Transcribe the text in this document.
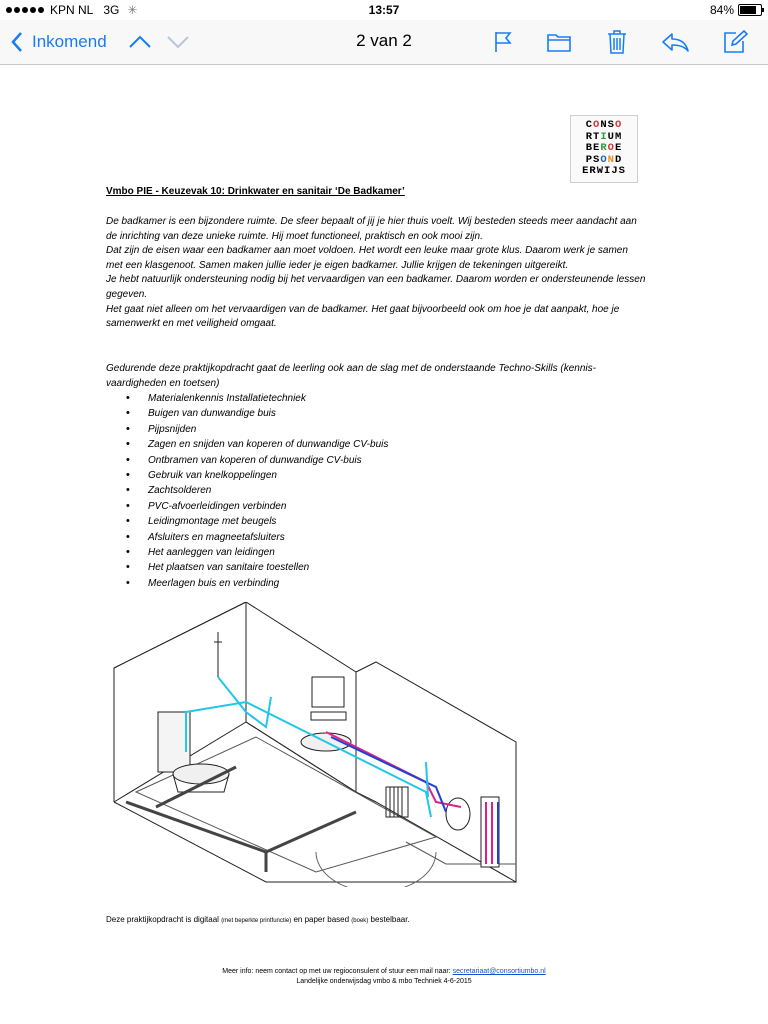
KPN NL 3G ✳	13:57	84%
Inkomend	2 van 2
CONSO
RTIUM
BEROE
PSOND
ERWIJS
Vmbo PIE - Keuzevak 10: Drinkwater en sanitair ‘De Badkamer’

De badkamer is een bijzondere ruimte. De sfeer bepaalt of jij je hier thuis voelt. Wij besteden steeds meer aandacht aan de inrichting van deze unieke ruimte. Hij moet functioneel, praktisch en ook mooi zijn.

Dat zijn de eisen waar een badkamer aan moet voldoen. Het wordt een leuke maar grote klus. Daarom werk je samen met een klasgenoot. Samen maken jullie ieder je eigen badkamer. Jullie krijgen de tekeningen uitgereikt.

Je hebt natuurlijk ondersteuning nodig bij het vervaardigen van een badkamer. Daarom worden er ondersteunende lessen gegeven.

Het gaat niet alleen om het vervaardigen van de badkamer. Het gaat bijvoorbeeld ook om hoe je dat aanpakt, hoe je samenwerkt en met veiligheid omgaat.

Gedurende deze praktijkopdracht gaat de leerling ook aan de slag met de onderstaande Techno-Skills (kennis- vaardigheden en toetsen)
• Materialenkennis Installatietechniek
• Buigen van dunwandige buis
• Pijpsnijden
• Zagen en snijden van koperen of dunwandige CV-buis
• Ontbramen van koperen of dunwandige CV-buis
• Gebruik van knelkoppelingen
• Zachtsolderen
• PVC-afvoerleidingen verbinden
• Leidingmontage met beugels
• Afsluiters en magneetafsluiters
• Het aanleggen van leidingen
• Het plaatsen van sanitaire toestellen
• Meerlagen buis en verbinding
Deze praktijkopdracht is digitaal (met beperkte printfunctie) en paper based (boek) bestelbaar.
Meer info: neem contact op met uw regioconsulent of stuur een mail naar: secretariaat@consortiumbo.nl
Landelijke onderwijsdag vmbo & mbo Techniek 4-6-2015
